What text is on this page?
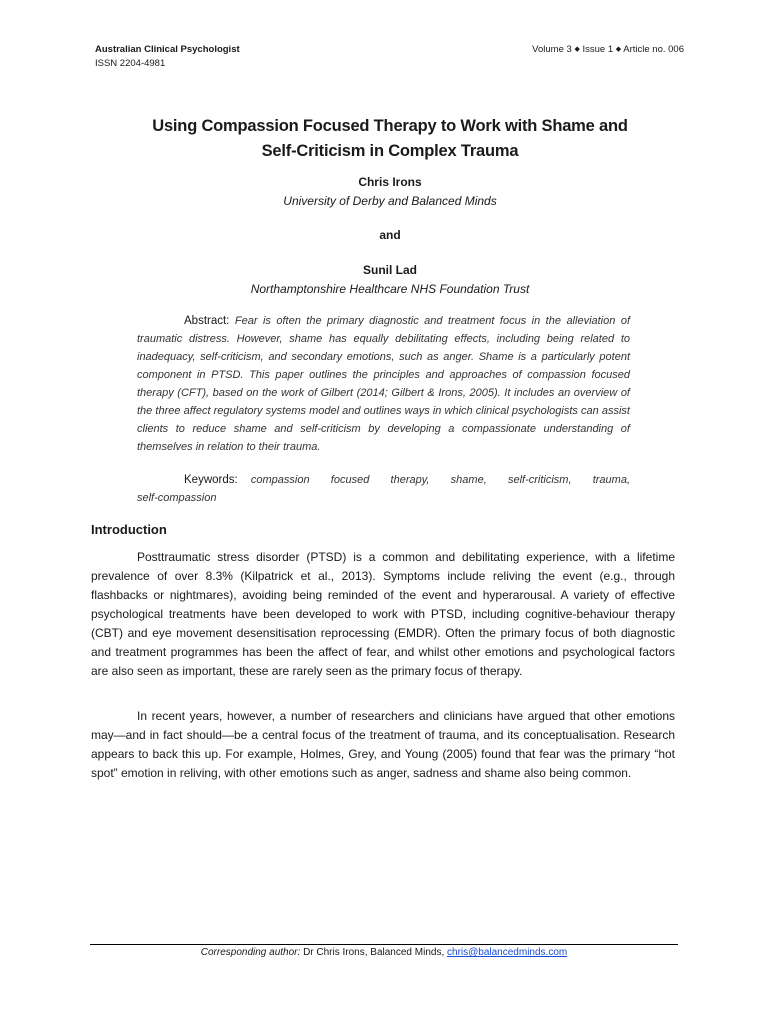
Australian Clinical Psychologist
ISSN 2204-4981
Volume 3 ◆ Issue 1 ◆ Article no. 006
Using Compassion Focused Therapy to Work with Shame and
Self-Criticism in Complex Trauma
Chris Irons
University of Derby and Balanced Minds
and
Sunil Lad
Northamptonshire Healthcare NHS Foundation Trust
Abstract: Fear is often the primary diagnostic and treatment focus in the alleviation of traumatic distress. However, shame has equally debilitating effects, including being related to inadequacy, self-criticism, and secondary emotions, such as anger. Shame is a particularly potent component in PTSD. This paper outlines the principles and approaches of compassion focused therapy (CFT), based on the work of Gilbert (2014; Gilbert & Irons, 2005). It includes an overview of the three affect regulatory systems model and outlines ways in which clinical psychologists can assist clients to reduce shame and self-criticism by developing a compassionate understanding of themselves in relation to their trauma.
Keywords: compassion focused therapy, shame, self-criticism, trauma, self-compassion
Introduction
Posttraumatic stress disorder (PTSD) is a common and debilitating experience, with a lifetime prevalence of over 8.3% (Kilpatrick et al., 2013). Symptoms include reliving the event (e.g., through flashbacks or nightmares), avoiding being reminded of the event and hyperarousal. A variety of effective psychological treatments have been developed to work with PTSD, including cognitive-behaviour therapy (CBT) and eye movement desensitisation reprocessing (EMDR). Often the primary focus of both diagnostic and treatment programmes has been the affect of fear, and whilst other emotions and psychological factors are also seen as important, these are rarely seen as the primary focus of therapy.
In recent years, however, a number of researchers and clinicians have argued that other emotions may—and in fact should—be a central focus of the treatment of trauma, and its conceptualisation. Research appears to back this up. For example, Holmes, Grey, and Young (2005) found that fear was the primary “hot spot” emotion in reliving, with other emotions such as anger, sadness and shame also being common.
Corresponding author: Dr Chris Irons, Balanced Minds, chris@balancedminds.com
